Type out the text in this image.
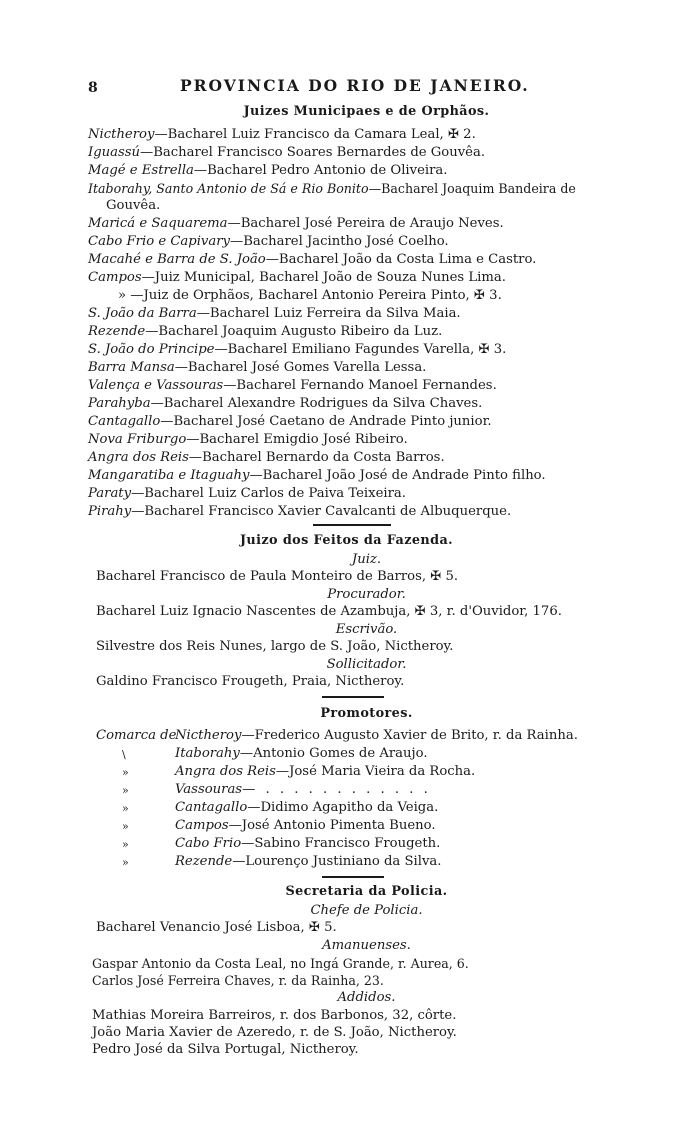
8	PROVINCIA DO RIO DE JANEIRO.
Juizes Municipaes e de Orphãos.
Nictheroy—Bacharel Luiz Francisco da Camara Leal, ✠ 2.
Iguassú—Bacharel Francisco Soares Bernardes de Gouvêa.
Magé e Estrella—Bacharel Pedro Antonio de Oliveira.
Itaborahy, Santo Antonio de Sá e Rio Bonito—Bacharel Joaquim Bandeira de
Gouvêa.
Maricá e Saquarema—Bacharel José Pereira de Araujo Neves.
Cabo Frio e Capivary—Bacharel Jacintho José Coelho.
Macahé e Barra de S. João—Bacharel João da Costa Lima e Castro.
Campos—Juiz Municipal, Bacharel João de Souza Nunes Lima.
» —Juiz de Orphãos, Bacharel Antonio Pereira Pinto, ✠ 3.
S. João da Barra—Bacharel Luiz Ferreira da Silva Maia.
Rezende—Bacharel Joaquim Augusto Ribeiro da Luz.
S. João do Principe—Bacharel Emiliano Fagundes Varella, ✠ 3.
Barra Mansa—Bacharel José Gomes Varella Lessa.
Valença e Vassouras—Bacharel Fernando Manoel Fernandes.
Parahyba—Bacharel Alexandre Rodrigues da Silva Chaves.
Cantagallo—Bacharel José Caetano de Andrade Pinto junior.
Nova Friburgo—Bacharel Emigdio José Ribeiro.
Angra dos Reis—Bacharel Bernardo da Costa Barros.
Mangaratiba e Itaguahy—Bacharel João José de Andrade Pinto filho.
Paraty—Bacharel Luiz Carlos de Paiva Teixeira.
Pirahy—Bacharel Francisco Xavier Cavalcanti de Albuquerque.
Juizo dos Feitos da Fazenda.
Juiz.
Bacharel Francisco de Paula Monteiro de Barros, ✠ 5.
Procurador.
Bacharel Luiz Ignacio Nascentes de Azambuja, ✠ 3, r. d'Ouvidor, 176.
Escrivão.
Silvestre dos Reis Nunes, largo de S. João, Nictheroy.
Sollicitador.
Galdino Francisco Frougeth, Praia, Nictheroy.
Promotores.
Comarca de
Nictheroy—Frederico Augusto Xavier de Brito, r. da Rainha.
\	Itaborahy—Antonio Gomes de Araujo.
»	Angra dos Reis—José Maria Vieira da Rocha.
»	Vassouras— . . . . . . . . . . . .
»	Cantagallo—Didimo Agapitho da Veiga.
»	Campos—José Antonio Pimenta Bueno.
»	Cabo Frio—Sabino Francisco Frougeth.
»	Rezende—Lourenço Justiniano da Silva.
Secretaria da Policia.
Chefe de Policia.
Bacharel Venancio José Lisboa, ✠ 5.
Amanuenses.
Gaspar Antonio da Costa Leal, no Ingá Grande, r. Aurea, 6.
Carlos José Ferreira Chaves, r. da Rainha, 23.
Addidos.
Mathias Moreira Barreiros, r. dos Barbonos, 32, côrte.
João Maria Xavier de Azeredo, r. de S. João, Nictheroy.
Pedro José da Silva Portugal, Nictheroy.
